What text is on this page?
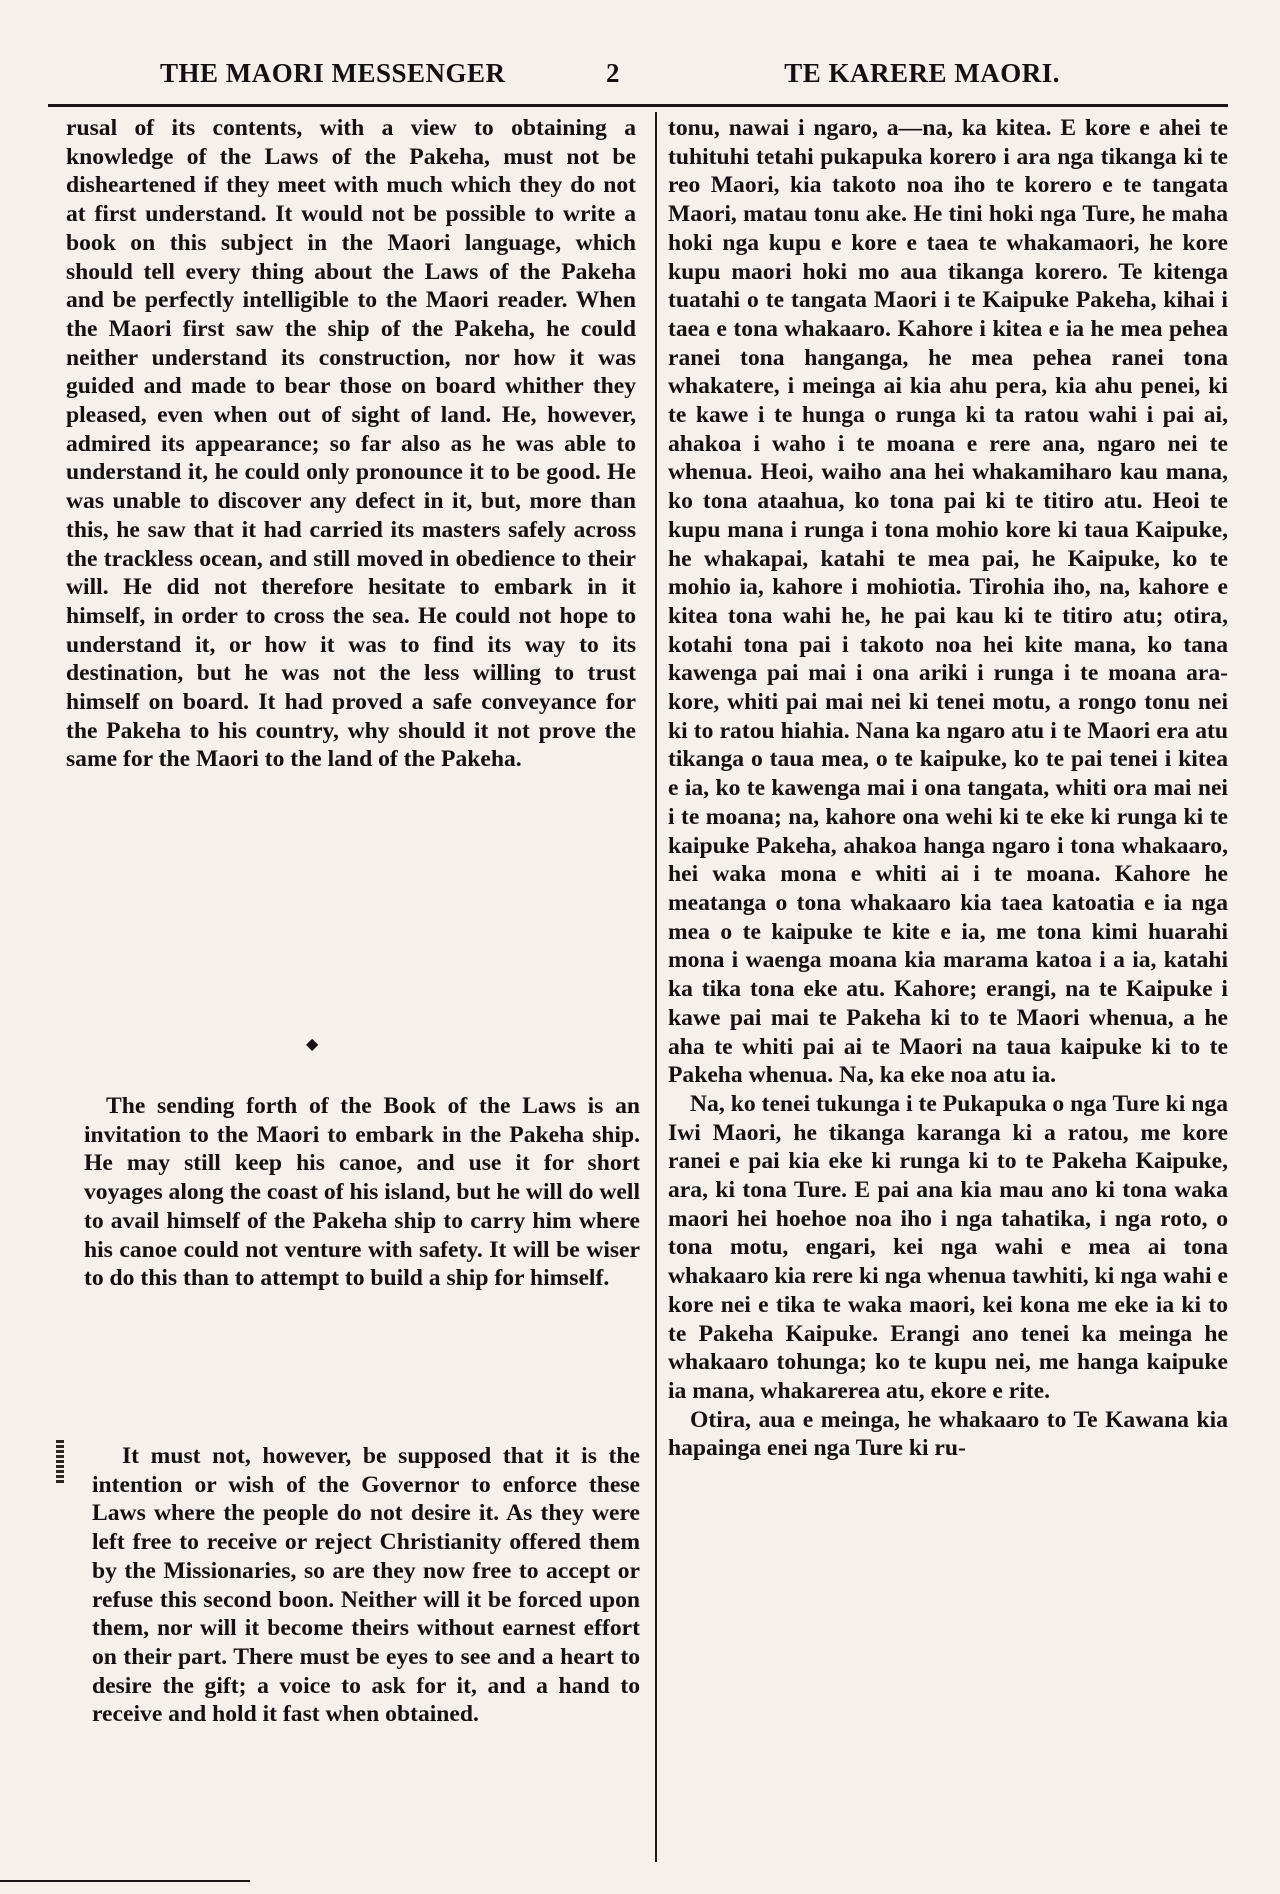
THE MAORI MESSENGER	2	TE KARERE MAORI.

rusal of its contents, with a view to obtaining a knowledge of the Laws of the Pakeha, must not be disheartened if they meet with much which they do not at first understand. It would not be possible to write a book on this subject in the Maori language, which should tell every thing about the Laws of the Pakeha and be perfectly intelligible to the Maori reader. When the Maori first saw the ship of the Pakeha, he could neither understand its construction, nor how it was guided and made to bear those on board whither they pleased, even when out of sight of land. He, however, admired its appearance; so far also as he was able to understand it, he could only pronounce it to be good. He was unable to discover any defect in it, but, more than this, he saw that it had carried its masters safely across the trackless ocean, and still moved in obedience to their will. He did not therefore hesitate to embark in it himself, in order to cross the sea. He could not hope to understand it, or how it was to find its way to its destination, but he was not the less willing to trust himself on board. It had proved a safe conveyance for the Pakeha to his country, why should it not prove the same for the Maori to the land of the Pakeha.

◆

The sending forth of the Book of the Laws is an invitation to the Maori to embark in the Pakeha ship. He may still keep his canoe, and use it for short voyages along the coast of his island, but he will do well to avail himself of the Pakeha ship to carry him where his canoe could not venture with safety. It will be wiser to do this than to attempt to build a ship for himself.

It must not, however, be supposed that it is the intention or wish of the Governor to enforce these Laws where the people do not desire it. As they were left free to receive or reject Christianity offered them by the Missionaries, so are they now free to accept or refuse this second boon. Neither will it be forced upon them, nor will it become theirs without earnest effort on their part. There must be eyes to see and a heart to desire the gift; a voice to ask for it, and a hand to receive and hold it fast when obtained.

tonu, nawai i ngaro, a—na, ka kitea. E kore e ahei te tuhituhi tetahi pukapuka korero i ara nga tikanga ki te reo Maori, kia takoto noa iho te korero e te tangata Maori, matau tonu ake. He tini hoki nga Ture, he maha hoki nga kupu e kore e taea te whakamaori, he kore kupu maori hoki mo aua tikanga korero. Te kitenga tuatahi o te tangata Maori i te Kaipuke Pakeha, kihai i taea e tona whakaaro. Kahore i kitea e ia he mea pehea ranei tona hanganga, he mea pehea ranei tona whakatere, i meinga ai kia ahu pera, kia ahu penei, ki te kawe i te hunga o runga ki ta ratou wahi i pai ai, ahakoa i waho i te moana e rere ana, ngaro nei te whenua. Heoi, waiho ana hei whakamiharo kau mana, ko tona ataahua, ko tona pai ki te titiro atu. Heoi te kupu mana i runga i tona mohio kore ki taua Kaipuke, he whakapai, katahi te mea pai, he Kaipuke, ko te mohio ia, kahore i mohiotia. Tirohia iho, na, kahore e kitea tona wahi he, he pai kau ki te titiro atu; otira, kotahi tona pai i takoto noa hei kite mana, ko tana kawenga pai mai i ona ariki i runga i te moana ara-kore, whiti pai mai nei ki tenei motu, a rongo tonu nei ki to ratou hiahia. Nana ka ngaro atu i te Maori era atu tikanga o taua mea, o te kaipuke, ko te pai tenei i kitea e ia, ko te kawenga mai i ona tangata, whiti ora mai nei i te moana; na, kahore ona wehi ki te eke ki runga ki te kaipuke Pakeha, ahakoa hanga ngaro i tona whakaaro, hei waka mona e whiti ai i te moana. Kahore he meatanga o tona whakaaro kia taea katoatia e ia nga mea o te kaipuke te kite e ia, me tona kimi huarahi mona i waenga moana kia marama katoa i a ia, katahi ka tika tona eke atu. Kahore; erangi, na te Kaipuke i kawe pai mai te Pakeha ki to te Maori whenua, a he aha te whiti pai ai te Maori na taua kaipuke ki to te Pakeha whenua. Na, ka eke noa atu ia.

Na, ko tenei tukunga i te Pukapuka o nga Ture ki nga Iwi Maori, he tikanga karanga ki a ratou, me kore ranei e pai kia eke ki runga ki to te Pakeha Kaipuke, ara, ki tona Ture. E pai ana kia mau ano ki tona waka maori hei hoehoe noa iho i nga tahatika, i nga roto, o tona motu, engari, kei nga wahi e mea ai tona whakaaro kia rere ki nga whenua tawhiti, ki nga wahi e kore nei e tika te waka maori, kei kona me eke ia ki to te Pakeha Kaipuke. Erangi ano tenei ka meinga he whakaaro tohunga; ko te kupu nei, me hanga kaipuke ia mana, whakarerea atu, ekore e rite.

Otira, aua e meinga, he whakaaro to Te Kawana kia hapainga enei nga Ture ki ru-
